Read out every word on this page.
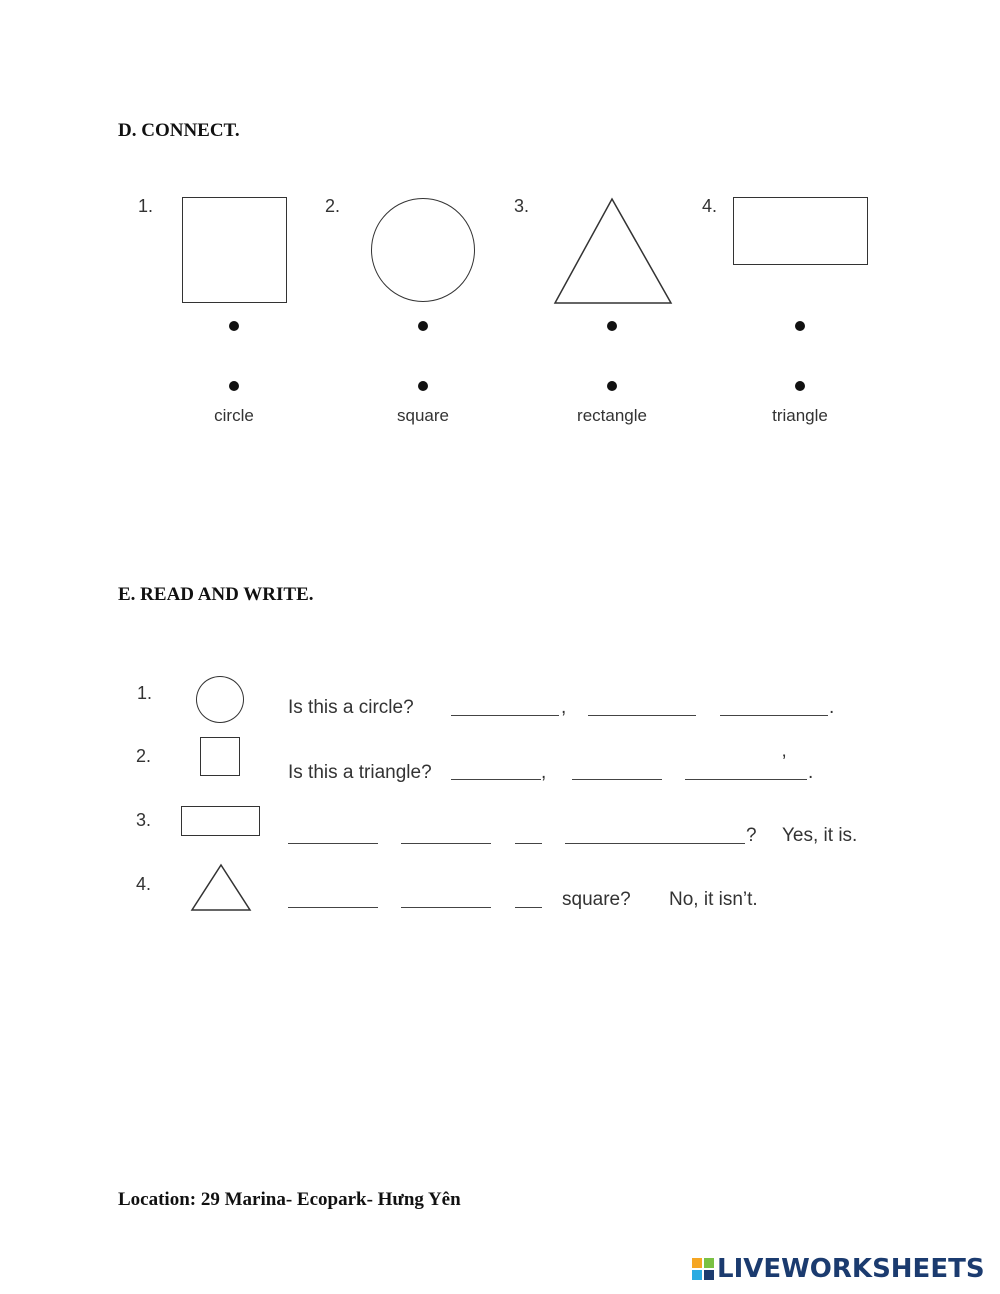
D. CONNECT.
1.	2.	3.	4.
circle	square	rectangle	triangle
E. READ AND WRITE.
1.
Is this a circle?	,	.
2.
Is this a triangle?	,	’ .
3.
? Yes, it is.
4.
square? No, it isn’t.
Location: 29 Marina- Ecopark- Hưng Yên
LIVEWORKSHEETS
